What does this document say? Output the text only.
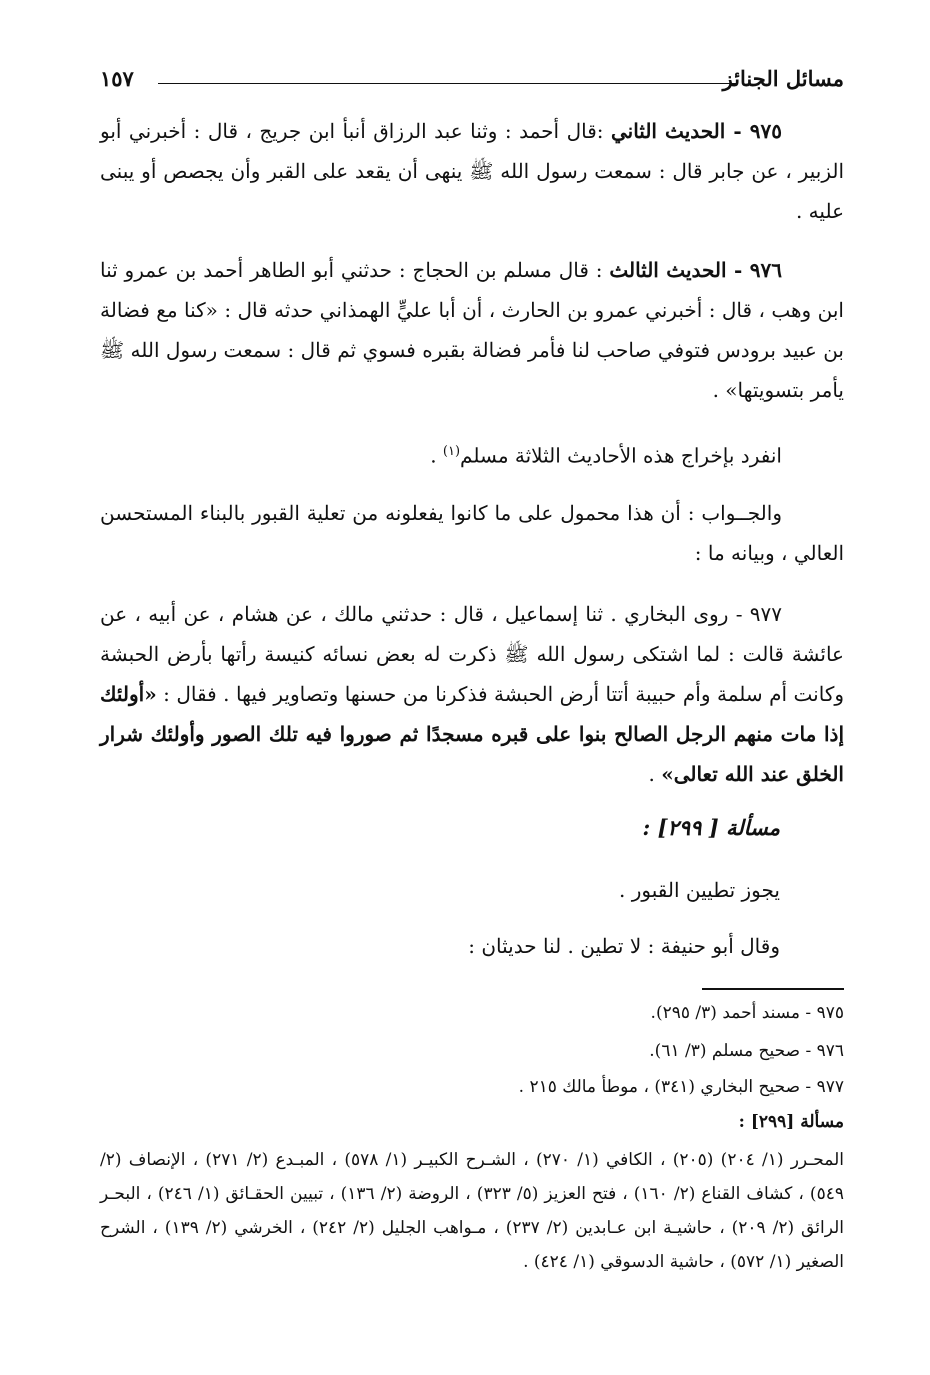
مسائل الجنائز
١٥٧

٩٧٥ - الحديث الثاني :قال أحمد : وثنا عبد الرزاق أنبأ ابن جريج ، قال : أخبرني أبو الزبير ، عن جابر قال : سمعت رسول الله ﷺ ينهى أن يقعد على القبر وأن يجصص أو يبنى عليه .

٩٧٦ - الحديث الثالث : قال مسلم بن الحجاج : حدثني أبو الطاهر أحمد بن عمرو ثنا ابن وهب ، قال : أخبرني عمرو بن الحارث ، أن أبا عليٍّ الهمذاني حدثه قال : «كنا مع فضالة بن عبيد برودس فتوفي صاحب لنا فأمر فضالة بقبره فسوي ثم قال : سمعت رسول الله ﷺ يأمر بتسويتها» .

انفرد بإخراج هذه الأحاديث الثلاثة مسلم$^{(١)}$ .

والجــواب : أن هذا محمول على ما كانوا يفعلونه من تعلية القبور بالبناء المستحسن العالي ، وبيانه ما :

٩٧٧ - روى البخاري . ثنا إسماعيل ، قال : حدثني مالك ، عن هشام ، عن أبيه ، عن عائشة قالت : لما اشتكى رسول الله ﷺ ذكرت له بعض نسائه كنيسة رأتها بأرض الحبشة وكانت أم سلمة وأم حبيبة أتتا أرض الحبشة فذكرنا من حسنها وتصاوير فيها . فقال : «أولئك إذا مات منهم الرجل الصالح بنوا على قبره مسجدًا ثم صوروا فيه تلك الصور وأولئك شرار الخلق عند الله تعالى» .

مسألة [ ٢٩٩] :
يجوز تطيين القبور .
وقال أبو حنيفة : لا تطين . لنا حديثان :
٩٧٥ - مسند أحمد (٣/ ٢٩٥).
٩٧٦ - صحيح مسلم (٣/ ٦١).
٩٧٧ - صحيح البخاري (٣٤١) ، موطأ مالك ٢١٥ .
مسألة [٢٩٩] :
المحـرر (١/ ٢٠٤) (٢٠٥) ، الكافي (١/ ٢٧٠) ، الشـرح الكبيـر (١/ ٥٧٨) ، المبـدع (٢/ ٢٧١) ، الإنصاف (٢/ ٥٤٩) ، كشاف القناع (٢/ ١٦٠) ، فتح العزيز (٥/ ٣٢٣) ، الروضة (٢/ ١٣٦) ، تبيين الحقـائق (١/ ٢٤٦) ، البحـر الرائق (٢/ ٢٠٩) ، حاشيـة ابن عـابدين (٢/ ٢٣٧) ، مـواهب الجليل (٢/ ٢٤٢) ، الخرشي (٢/ ١٣٩) ، الشرح الصغير (١/ ٥٧٢) ، حاشية الدسوقي (١/ ٤٢٤) .
